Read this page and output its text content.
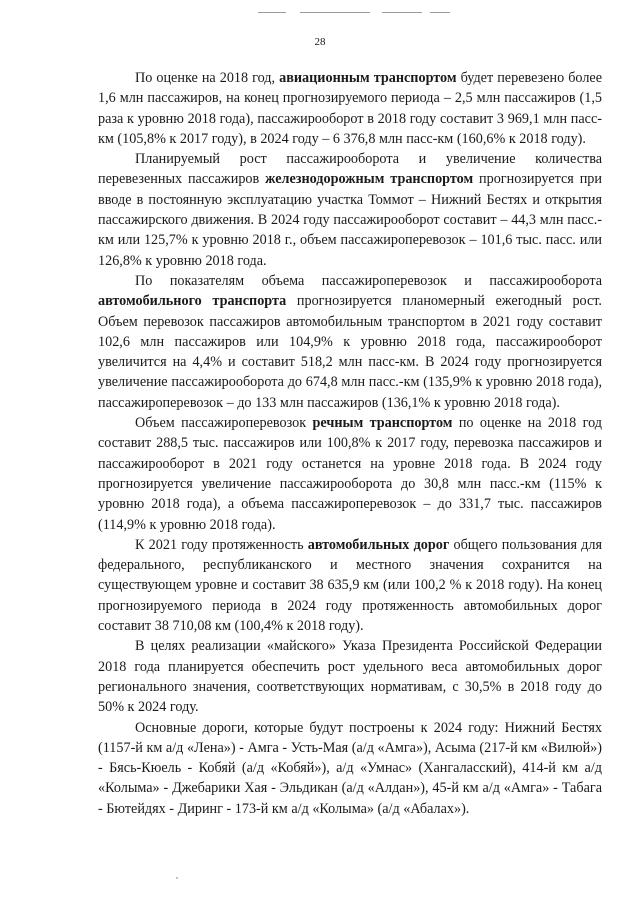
28

По оценке на 2018 год, авиационным транспортом будет перевезено более 1,6 млн пассажиров, на конец прогнозируемого периода – 2,5 млн пассажиров (1,5 раза к уровню 2018 года), пассажирооборот в 2018 году составит 3 969,1 млн пасс-км (105,8% к 2017 году), в 2024 году – 6 376,8 млн пасс-км (160,6% к 2018 году).

Планируемый рост пассажирооборота и увеличение количества перевезенных пассажиров железнодорожным транспортом прогнозируется при вводе в постоянную эксплуатацию участка Томмот – Нижний Бестях и открытия пассажирского движения. В 2024 году пассажирооборот составит – 44,3 млн пасс.-км или 125,7% к уровню 2018 г., объем пассажироперевозок – 101,6 тыс. пасс. или 126,8% к уровню 2018 года.

По показателям объема пассажироперевозок и пассажирооборота автомобильного транспорта прогнозируется планомерный ежегодный рост. Объем перевозок пассажиров автомобильным транспортом в 2021 году составит 102,6 млн пассажиров или 104,9% к уровню 2018 года, пассажирооборот увеличится на 4,4% и составит 518,2 млн пасс-км. В 2024 году прогнозируется увеличение пассажирооборота до 674,8 млн пасс.-км (135,9% к уровню 2018 года), пассажироперевозок – до 133 млн пассажиров (136,1% к уровню 2018 года).

Объем пассажироперевозок речным транспортом по оценке на 2018 год составит 288,5 тыс. пассажиров или 100,8% к 2017 году, перевозка пассажиров и пассажирооборот в 2021 году останется на уровне 2018 года. В 2024 году прогнозируется увеличение пассажирооборота до 30,8 млн пасс.-км (115% к уровню 2018 года), а объема пассажироперевозок – до 331,7 тыс. пассажиров (114,9% к уровню 2018 года).

К 2021 году протяженность автомобильных дорог общего пользования для федерального, республиканского и местного значения сохранится на существующем уровне и составит 38 635,9 км (или 100,2 % к 2018 году). На конец прогнозируемого периода в 2024 году протяженность автомобильных дорог составит 38 710,08 км (100,4% к 2018 году).

В целях реализации «майского» Указа Президента Российской Федерации 2018 года планируется обеспечить рост удельного веса автомобильных дорог регионального значения, соответствующих нормативам, с 30,5% в 2018 году до 50% к 2024 году.

Основные дороги, которые будут построены к 2024 году: Нижний Бестях (1157-й км а/д «Лена») - Амга - Усть-Мая (а/д «Амга»), Асыма (217-й км «Вилюй») - Бясь-Кюель - Кобяй (а/д «Кобяй»), а/д «Умнас» (Хангаласский), 414-й км а/д «Колыма» - Джебарики Хая - Эльдикан (а/д «Алдан»), 45-й км а/д «Амга» - Табага - Бютейдях - Диринг - 173-й км а/д «Колыма» (а/д «Абалах»).
